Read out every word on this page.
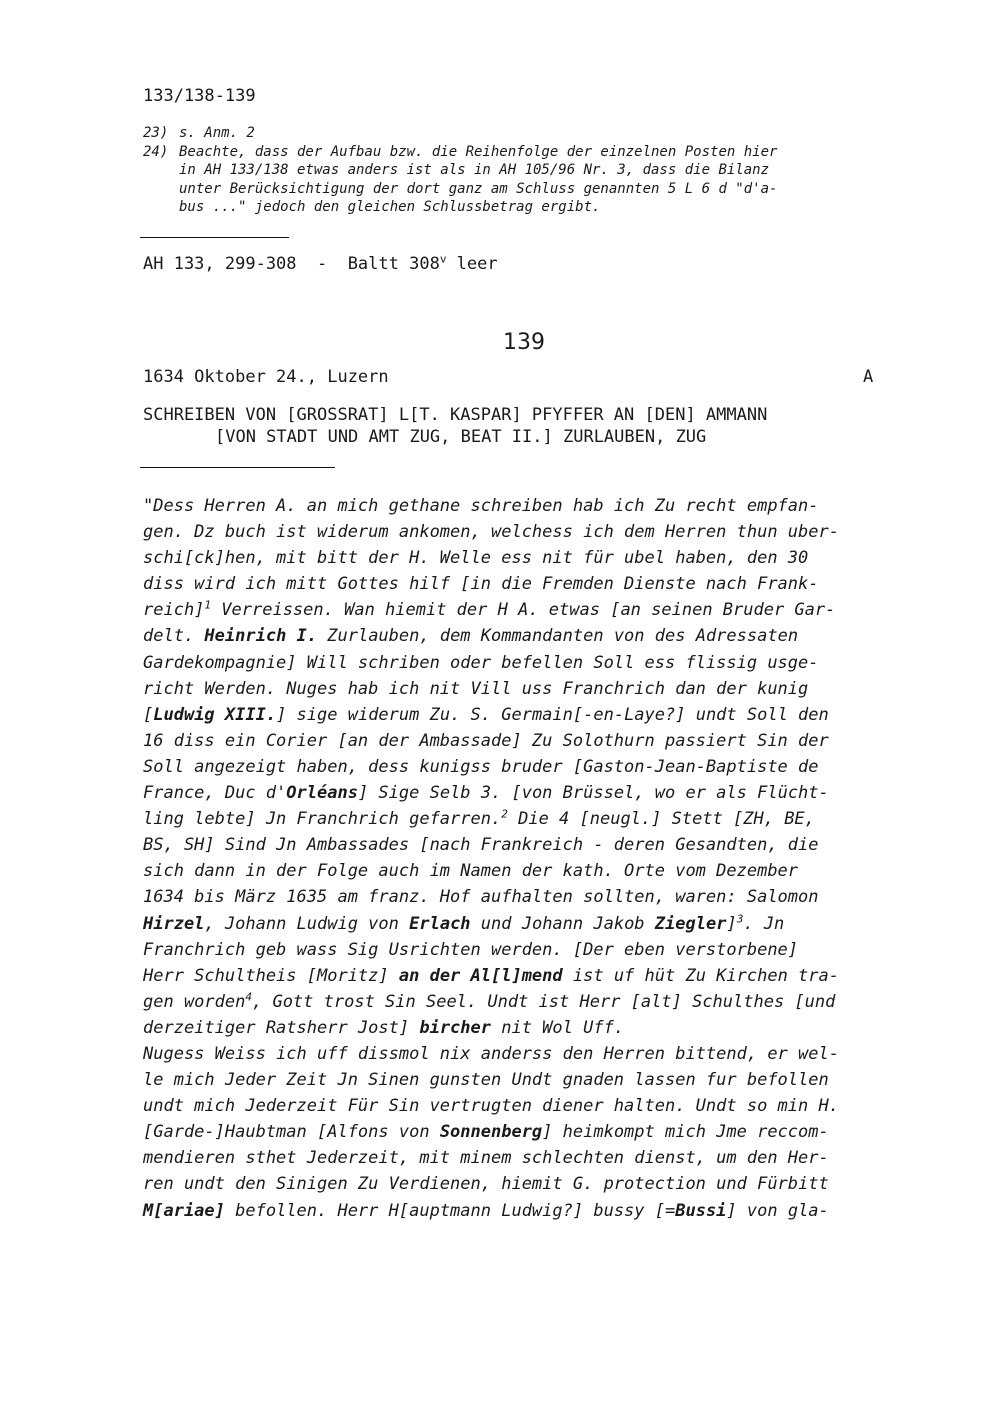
133/138-139
23) s. Anm. 2
24) Beachte, dass der Aufbau bzw. die Reihenfolge der einzelnen Posten hier
in AH 133/138 etwas anders ist als in AH 105/96 Nr. 3, dass die Bilanz
unter Berücksichtigung der dort ganz am Schluss genannten 5 L 6 d "d'a-
bus ..." jedoch den gleichen Schlussbetrag ergibt.
AH 133, 299-308  -  Baltt 308$^v$ leer
139
1634 Oktober 24., Luzern	A
SCHREIBEN VON [GROSSRAT] L[T. KASPAR] PFYFFER AN [DEN] AMMANN
[VON STADT UND AMT ZUG, BEAT II.] ZURLAUBEN, ZUG
"Dess Herren A. an mich gethane schreiben hab ich Zu recht empfan-
gen. Dz buch ist widerum ankomen, welchess ich dem Herren thun uber-
schi[ck]hen, mit bitt der H. Welle ess nit für ubel haben, den 30
diss wird ich mitt Gottes hilf [in die Fremden Dienste nach Frank-
reich]$^1$ Verreissen. Wan hiemit der H A. etwas [an seinen Bruder Gar-
delt. Heinrich I. Zurlauben, dem Kommandanten von des Adressaten
Gardekompagnie] Will schriben oder befellen Soll ess flissig usge-
richt Werden. Nuges hab ich nit Vill uss Franchrich dan der kunig
[Ludwig XIII.] sige widerum Zu. S. Germain[-en-Laye?] undt Soll den
16 diss ein Corier [an der Ambassade] Zu Solothurn passiert Sin der
Soll angezeigt haben, dess kunigss bruder [Gaston-Jean-Baptiste de
France, Duc d'Orléans] Sige Selb 3. [von Brüssel, wo er als Flücht-
ling lebte] Jn Franchrich gefarren.$^2$ Die 4 [neugl.] Stett [ZH, BE,
BS, SH] Sind Jn Ambassades [nach Frankreich - deren Gesandten, die
sich dann in der Folge auch im Namen der kath. Orte vom Dezember
1634 bis März 1635 am franz. Hof aufhalten sollten, waren: Salomon
Hirzel, Johann Ludwig von Erlach und Johann Jakob Ziegler]$^3$. Jn
Franchrich geb wass Sig Usrichten werden. [Der eben verstorbene]
Herr Schultheis [Moritz] an der Al[l]mend ist uf hüt Zu Kirchen tra-
gen worden$^4$, Gott trost Sin Seel. Undt ist Herr [alt] Schulthes [und
derzeitiger Ratsherr Jost] bircher nit Wol Uff.
Nugess Weiss ich uff dissmol nix anderss den Herren bittend, er wel-
le mich Jeder Zeit Jn Sinen gunsten Undt gnaden lassen fur befollen
undt mich Jederzeit Für Sin vertrugten diener halten. Undt so min H.
[Garde-]Haubtman [Alfons von Sonnenberg] heimkompt mich Jme reccom-
mendieren sthet Jederzeit, mit minem schlechten dienst, um den Her-
ren undt den Sinigen Zu Verdienen, hiemit G. protection und Fürbitt
M[ariae] befollen. Herr H[auptmann Ludwig?] bussy [=Bussi] von gla-
